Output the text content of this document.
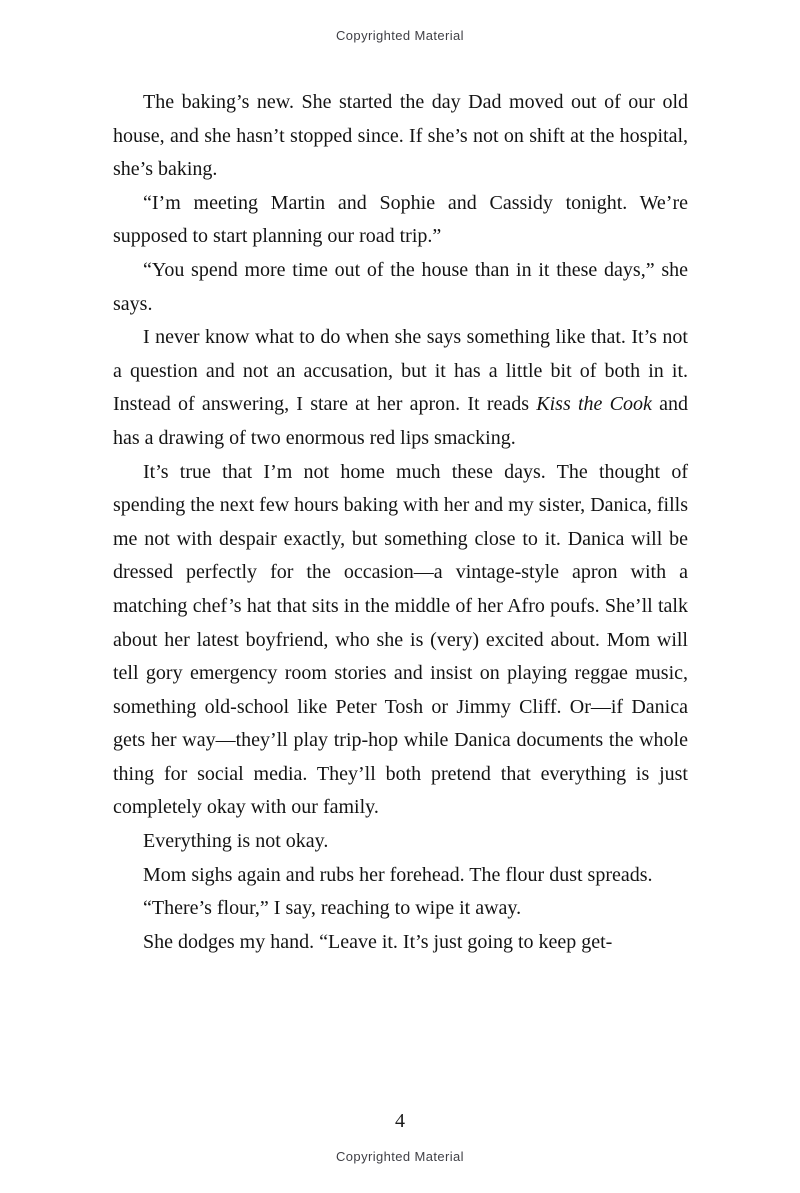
Copyrighted Material

The baking’s new. She started the day Dad moved out of our old house, and she hasn’t stopped since. If she’s not on shift at the hospital, she’s baking.

“I’m meeting Martin and Sophie and Cassidy tonight. We’re supposed to start planning our road trip.”

“You spend more time out of the house than in it these days,” she says.

I never know what to do when she says something like that. It’s not a question and not an accusation, but it has a little bit of both in it. Instead of answering, I stare at her apron. It reads Kiss the Cook and has a drawing of two enormous red lips smacking.

It’s true that I’m not home much these days. The thought of spending the next few hours baking with her and my sister, Danica, fills me not with despair exactly, but something close to it. Danica will be dressed perfectly for the occasion—a vintage-style apron with a matching chef’s hat that sits in the middle of her Afro poufs. She’ll talk about her latest boyfriend, who she is (very) excited about. Mom will tell gory emergency room stories and insist on playing reggae music, something old-school like Peter Tosh or Jimmy Cliff. Or—if Danica gets her way—they’ll play trip-hop while Danica documents the whole thing for social media. They’ll both pretend that everything is just completely okay with our family.

Everything is not okay.

Mom sighs again and rubs her forehead. The flour dust spreads.

“There’s flour,” I say, reaching to wipe it away.

She dodges my hand. “Leave it. It’s just going to keep get-

4
Copyrighted Material
